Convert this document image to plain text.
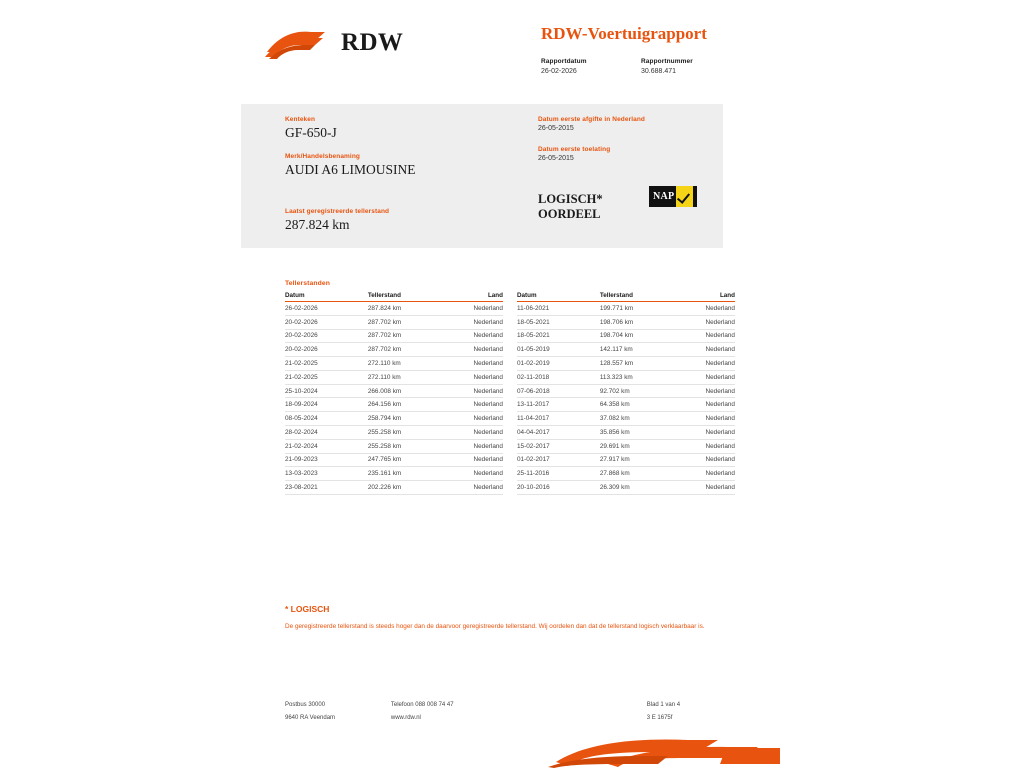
RDW	RDW-Voertuigrapport
Rapportdatum
26-02-2026
Rapportnummer
30.688.471
Kenteken
GF-650-J
Merk/Handelsbenaming
AUDI A6 LIMOUSINE
Laatst geregistreerde tellerstand
287.824 km
Datum eerste afgifte in Nederland
26-05-2015
Datum eerste toelating
26-05-2015
LOGISCH*
OORDEEL
NAP
Tellerstanden
Datum	Tellerstand	Land
26-02-2026	287.824 km	Nederland
20-02-2026	287.702 km	Nederland
20-02-2026	287.702 km	Nederland
20-02-2026	287.702 km	Nederland
21-02-2025	272.110 km	Nederland
21-02-2025	272.110 km	Nederland
25-10-2024	266.008 km	Nederland
18-09-2024	264.156 km	Nederland
08-05-2024	258.794 km	Nederland
28-02-2024	255.258 km	Nederland
21-02-2024	255.258 km	Nederland
21-09-2023	247.765 km	Nederland
13-03-2023	235.161 km	Nederland
23-08-2021	202.226 km	Nederland
Datum	Tellerstand	Land
11-06-2021	199.771 km	Nederland
18-05-2021	198.706 km	Nederland
18-05-2021	198.704 km	Nederland
01-05-2019	142.117 km	Nederland
01-02-2019	128.557 km	Nederland
02-11-2018	113.323 km	Nederland
07-06-2018	92.702 km	Nederland
13-11-2017	64.358 km	Nederland
11-04-2017	37.082 km	Nederland
04-04-2017	35.856 km	Nederland
15-02-2017	29.691 km	Nederland
01-02-2017	27.917 km	Nederland
25-11-2016	27.868 km	Nederland
20-10-2016	26.309 km	Nederland
* LOGISCH
De geregistreerde tellerstand is steeds hoger dan de daarvoor geregistreerde tellerstand. Wij oordelen dan dat de tellerstand logisch verklaarbaar is.
Postbus 30000	Telefoon 088 008 74 47	Blad 1 van 4
9640 RA Veendam	www.rdw.nl	3 E 1675f
